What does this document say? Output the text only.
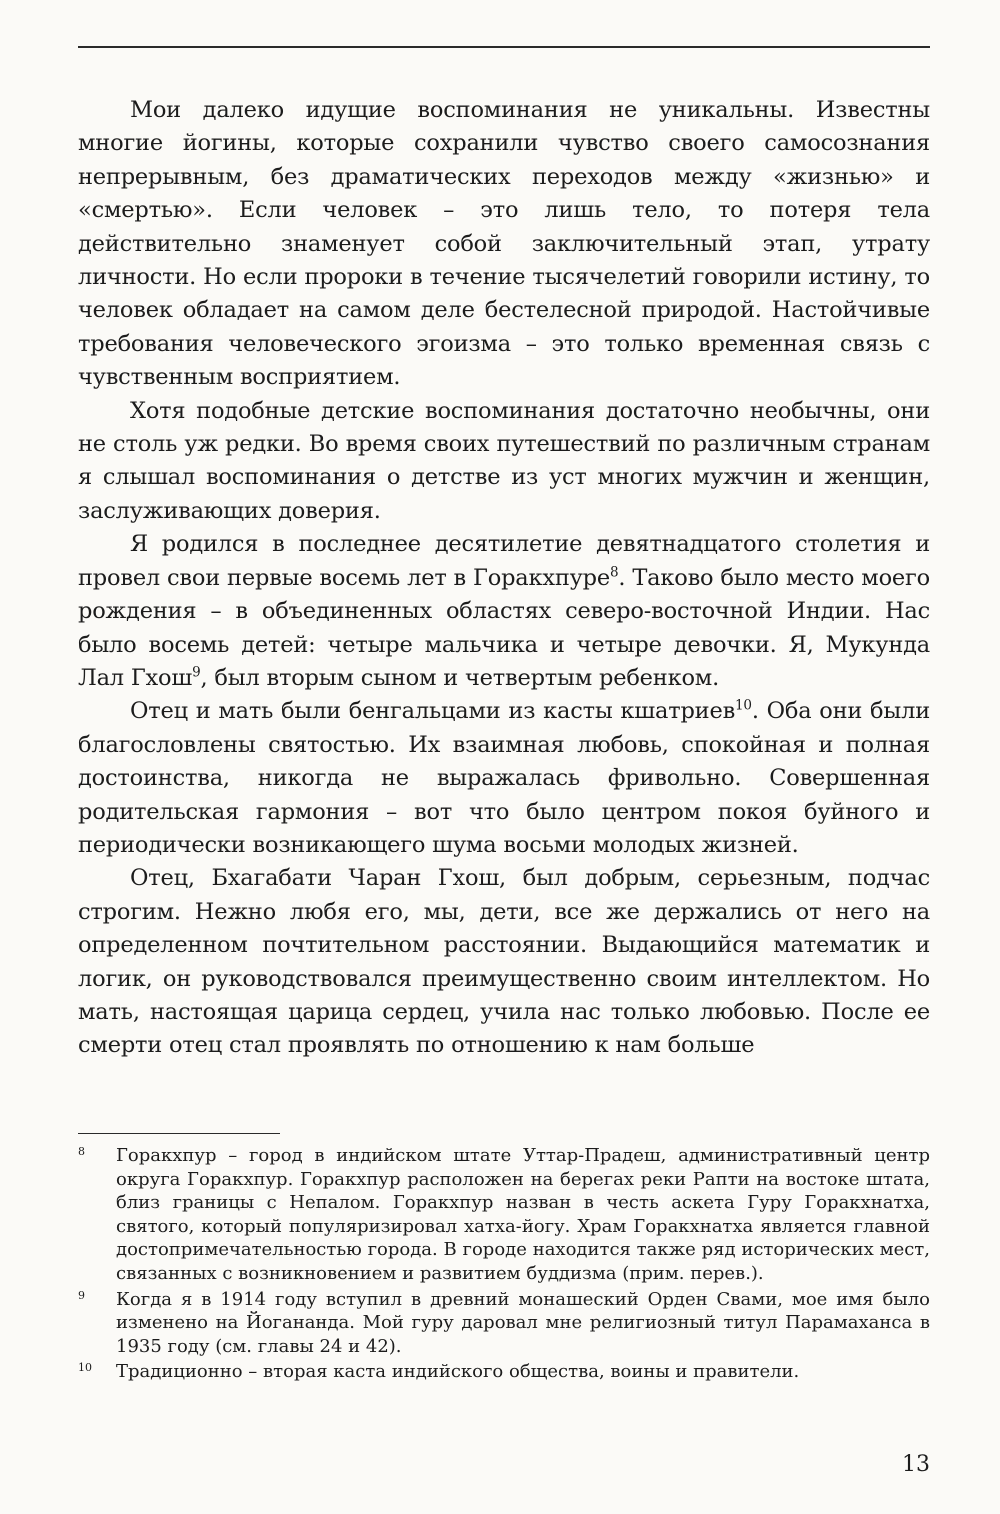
Мои далеко идущие воспоминания не уникальны. Известны многие йогины, которые сохранили чувство своего самосознания непрерывным, без драматических переходов между «жизнью» и «смертью». Если человек – это лишь тело, то потеря тела действительно знаменует собой заключительный этап, утрату личности. Но если пророки в течение тысячелетий говорили истину, то человек обладает на самом деле бестелесной природой. Настойчивые требования человеческого эгоизма – это только временная связь с чувственным восприятием.

Хотя подобные детские воспоминания достаточно необычны, они не столь уж редки. Во время своих путешествий по различным странам я слышал воспоминания о детстве из уст многих мужчин и женщин, заслуживающих доверия.

Я родился в последнее десятилетие девятнадцатого столетия и провел свои первые восемь лет в Горакхпуре$^8$. Таково было место моего рождения – в объединенных областях северо-восточной Индии. Нас было восемь детей: четыре мальчика и четыре девочки. Я, Мукунда Лал Гхош$^9$, был вторым сыном и четвертым ребенком.

Отец и мать были бенгальцами из касты кшатриев$^{10}$. Оба они были благословлены святостью. Их взаимная любовь, спокойная и полная достоинства, никогда не выражалась фривольно. Совершенная родительская гармония – вот что было центром покоя буйного и периодически возникающего шума восьми молодых жизней.

Отец, Бхагабати Чаран Гхош, был добрым, серьезным, подчас строгим. Нежно любя его, мы, дети, все же держались от него на определенном почтительном расстоянии. Выдающийся математик и логик, он руководствовался преимущественно своим интеллектом. Но мать, настоящая царица сердец, учила нас только любовью. После ее смерти отец стал проявлять по отношению к нам больше

8	Горакхпур – город в индийском штате Уттар-Прадеш, административный центр округа Горакхпур. Горакхпур расположен на берегах реки Рапти на востоке штата, близ границы с Непалом. Горакхпур назван в честь аскета Гуру Горакхнатха, святого, который популяризировал хатха-йогу. Храм Горакхнатха является главной достопримечательностью города. В городе находится также ряд исторических мест, связанных с возникновением и развитием буддизма (прим. перев.).
9	Когда я в 1914 году вступил в древний монашеский Орден Свами, мое имя было изменено на Йогананда. Мой гуру даровал мне религиозный титул Парамаханса в 1935 году (см. главы 24 и 42).
10	Традиционно – вторая каста индийского общества, воины и правители.
13
